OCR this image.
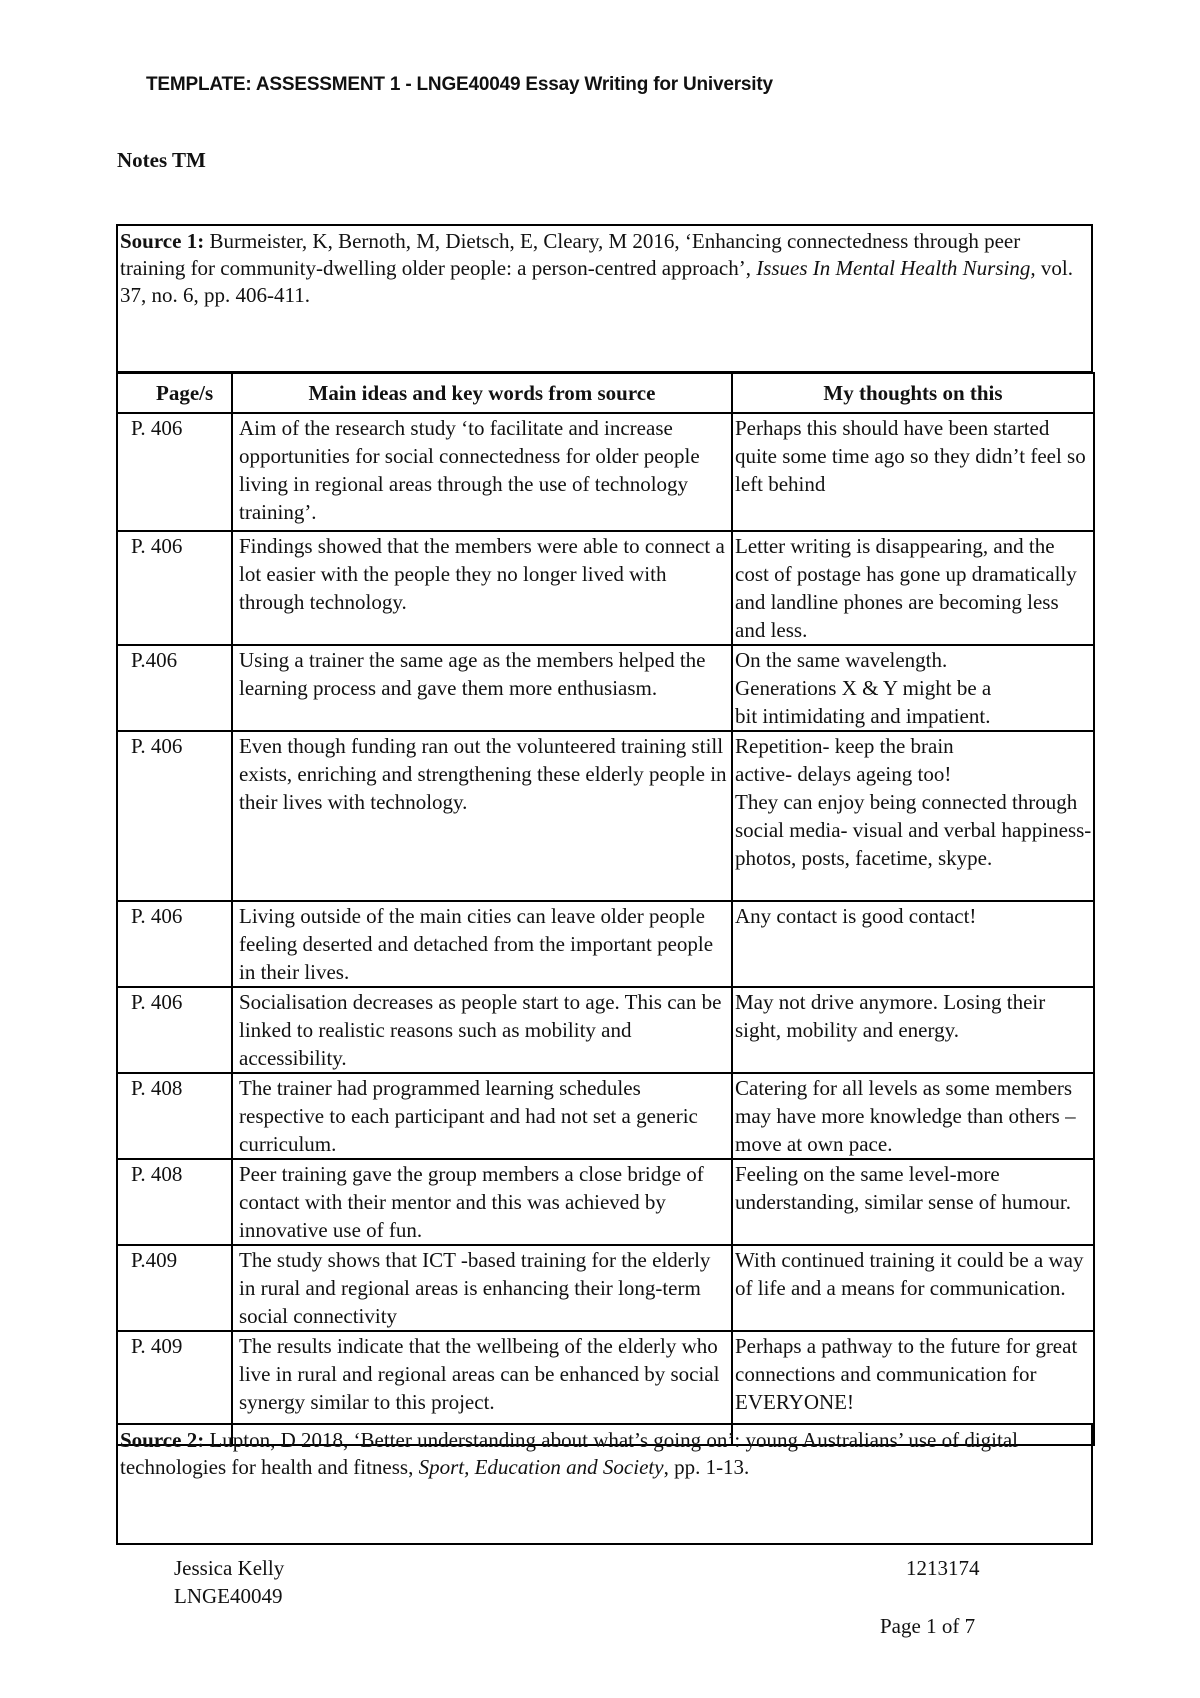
TEMPLATE: ASSESSMENT 1 - LNGE40049 Essay Writing for University
Notes TM
Source 1: Burmeister, K, Bernoth, M, Dietsch, E, Cleary, M 2016, ‘Enhancing connectedness through peer training for community-dwelling older people: a person-centred approach’, Issues In Mental Health Nursing, vol. 37, no. 6, pp. 406-411.
Page/s	Main ideas and key words from source	My thoughts on this
P. 406	Aim of the research study ‘to facilitate and increase opportunities for social connectedness for older people living in regional areas through the use of technology training’.	Perhaps this should have been started quite some time ago so they didn’t feel so left behind
P. 406	Findings showed that the members were able to connect a lot easier with the people they no longer lived with through technology.	Letter writing is disappearing, and the cost of postage has gone up dramatically and landline phones are becoming less and less.
P.406	Using a trainer the same age as the members helped the learning process and gave them more enthusiasm.	On the same wavelength.
Generations X & Y might be a
bit intimidating and impatient.
P. 406	Even though funding ran out the volunteered training still exists, enriching and strengthening these elderly people in their lives with technology.	Repetition- keep the brain
active- delays ageing too!
They can enjoy being connected through social media- visual and verbal happiness- photos, posts, facetime, skype.
P. 406	Living outside of the main cities can leave older people feeling deserted and detached from the important people in their lives.	Any contact is good contact!
P. 406	Socialisation decreases as people start to age. This can be linked to realistic reasons such as mobility and accessibility.	May not drive anymore. Losing their sight, mobility and energy.
P. 408	The trainer had programmed learning schedules respective to each participant and had not set a generic curriculum.	Catering for all levels as some members may have more knowledge than others – move at own pace.
P. 408	Peer training gave the group members a close bridge of contact with their mentor and this was achieved by innovative use of fun.	Feeling on the same level-more understanding, similar sense of humour.
P.409	The study shows that ICT -based training for the elderly in rural and regional areas is enhancing their long-term social connectivity	With continued training it could be a way of life and a means for communication.
P. 409	The results indicate that the wellbeing of the elderly who live in rural and regional areas can be enhanced by social synergy similar to this project.	Perhaps a pathway to the future for great connections and communication for EVERYONE!
Source 2: Lupton, D 2018, ‘Better understanding about what’s going on’: young Australians’ use of digital technologies for health and fitness, Sport, Education and Society, pp. 1-13.
Jessica Kelly
LNGE40049
1213174
Page 1 of 7
